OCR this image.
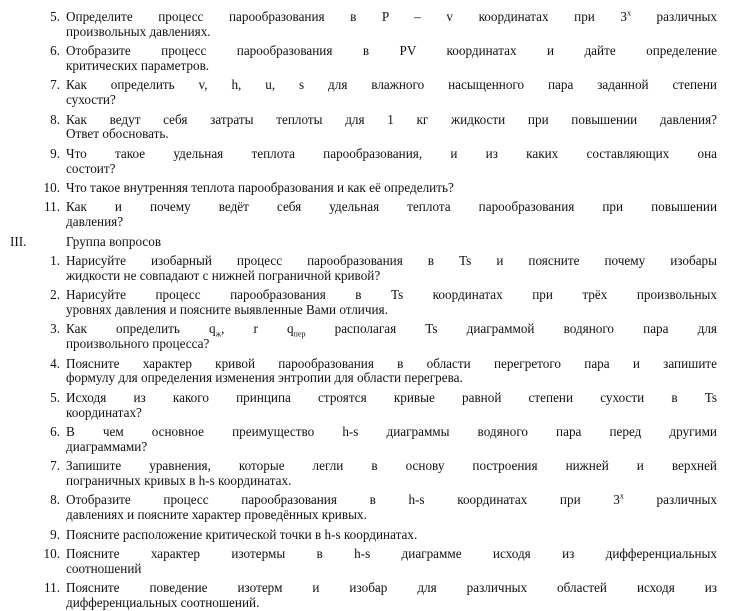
5. Определите процесс парообразования в P – v координатах при $3^х$ различных
произвольных давлениях.
6. Отобразите процесс парообразования в PV координатах и дайте определение
критических параметров.
7. Как определить v, h, u, s для влажного насыщенного пара заданной степени
сухости?
8. Как ведут себя затраты теплоты для 1 кг жидкости при повышении давления?
Ответ обосновать.
9. Что такое удельная теплота парообразования, и из каких составляющих она
состоит?
10. Что такое внутренняя теплота парообразования и как её определить?
11. Как и почему ведёт себя удельная теплота парообразования при повышении
давления?
III.	Группа вопросов
1. Нарисуйте изобарный процесс парообразования в Ts и поясните почему изобары
жидкости не совпадают с нижней пограничной кривой?
2. Нарисуйте процесс парообразования в Ts координатах при трёх произвольных
уровнях давления и поясните выявленные Вами отличия.
3. Как определить $q_ж$, r $q_{пер}$ располагая Ts диаграммой водяного пара для
произвольного процесса?
4. Поясните характер кривой парообразования в области перегретого пара и запишите
формулу для определения изменения энтропии для области перегрева.
5. Исходя из какого принципа строятся кривые равной степени сухости в Ts
координатах?
6. В чем основное преимущество h-s диаграммы водяного пара перед другими
диаграммами?
7. Запишите уравнения, которые легли в основу построения нижней и верхней
пограничных кривых в h-s координатах.
8. Отобразите процесс парообразования в h-s координатах при $3^х$ различных
давлениях и поясните характер проведённых кривых.
9. Поясните расположение критической точки в h-s координатах.
10. Поясните характер изотермы в h-s диаграмме исходя из дифференциальных
соотношений
11. Поясните поведение изотерм и изобар для различных областей исходя из
дифференциальных соотношений.
